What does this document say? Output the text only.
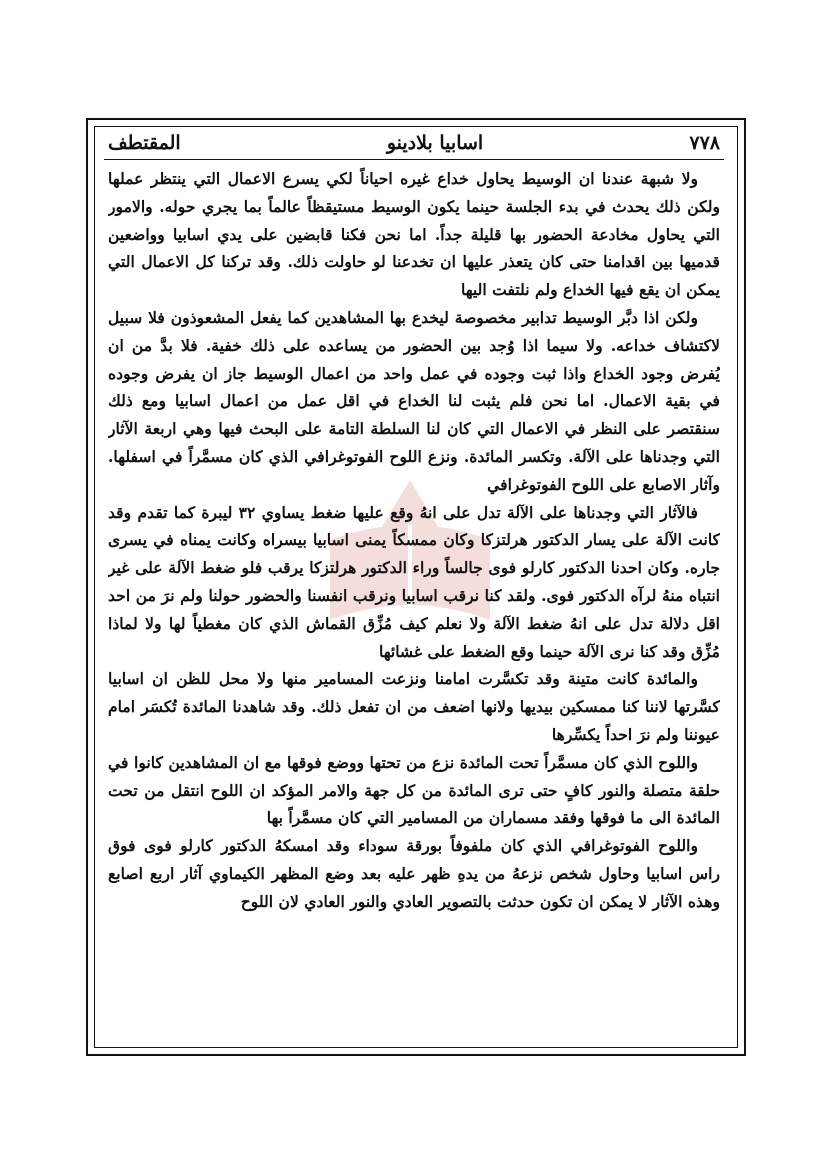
٧٧٨
اسابيا بلادينو
المقتطف

ولا شبهة عندنا ان الوسيط يحاول خداع غيره احياناً لكي يسرع الاعمال التي ينتظر عملها ولكن ذلك يحدث في بدء الجلسة حينما يكون الوسيط مستيقظاً عالماً بما يجري حوله. والامور التي يحاول مخادعة الحضور بها قليلة جداً. اما نحن فكنا قابضين على يدي اسابيا وواضعين قدميها بين اقدامنا حتى كان يتعذر عليها ان تخدعنا لو حاولت ذلك. وقد تركنا كل الاعمال التي يمكن ان يقع فيها الخداع ولم نلتفت اليها

ولكن اذا دبَّر الوسيط تدابير مخصوصة ليخدع بها المشاهدين كما يفعل المشعوذون فلا سبيل لاكتشاف خداعه. ولا سيما اذا وُجد بين الحضور من يساعده على ذلك خفية. فلا بدَّ من ان يُفرض وجود الخداع واذا ثبت وجوده في عمل واحد من اعمال الوسيط جاز ان يفرض وجوده في بقية الاعمال. اما نحن فلم يثبت لنا الخداع في اقل عمل من اعمال اسابيا ومع ذلك سنقتصر على النظر في الاعمال التي كان لنا السلطة التامة على البحث فيها وهي اربعة الآثار التي وجدناها على الآلة. وتكسر المائدة. ونزع اللوح الفوتوغرافي الذي كان مسمَّراً في اسفلها. وآثار الاصابع على اللوح الفوتوغرافي

فالآثار التي وجدناها على الآلة تدل على انهُ وقع عليها ضغط يساوي ٣٢ ليبرة كما تقدم وقد كانت الآلة على يسار الدكتور هرلتزكا وكان ممسكاً يمنى اسابيا بيسراه وكانت يمناه في يسرى جاره. وكان احدنا الدكتور كارلو فوى جالساً وراء الدكتور هرلتزكا يرقب فلو ضغط الآلة على غير انتباه منهُ لرآه الدكتور فوى. ولقد كنا نرقب اسابيا ونرقب انفسنا والحضور حولنا ولم نرَ من احد اقل دلالة تدل على انهُ ضغط الآلة ولا نعلم كيف مُزِّق القماش الذي كان مغطياً لها ولا لماذا مُزِّق وقد كنا نرى الآلة حينما وقع الضغط على غشائها

والمائدة كانت متينة وقد تكسَّرت امامنا ونزعت المسامير منها ولا محل للظن ان اسابيا كسَّرتها لاننا كنا ممسكين بيديها ولانها اضعف من ان تفعل ذلك. وقد شاهدنا المائدة تُكسَر امام عيوننا ولم نرَ احداً يكسِّرها

واللوح الذي كان مسمَّراً تحت المائدة نزع من تحتها ووضع فوقها مع ان المشاهدين كانوا في حلقة متصلة والنور كافٍ حتى ترى المائدة من كل جهة والامر المؤكد ان اللوح انتقل من تحت المائدة الى ما فوقها وفقد مسماران من المسامير التي كان مسمَّراً بها

واللوح الفوتوغرافي الذي كان ملفوفاً بورقة سوداء وقد امسكهُ الدكتور كارلو فوى فوق راس اسابيا وحاول شخص نزعهُ من يدهِ ظهر عليه بعد وضع المظهر الكيماوي آثار اربع اصابع وهذه الآثار لا يمكن ان تكون حدثت بالتصوير العادي والنور العادي لان اللوح
